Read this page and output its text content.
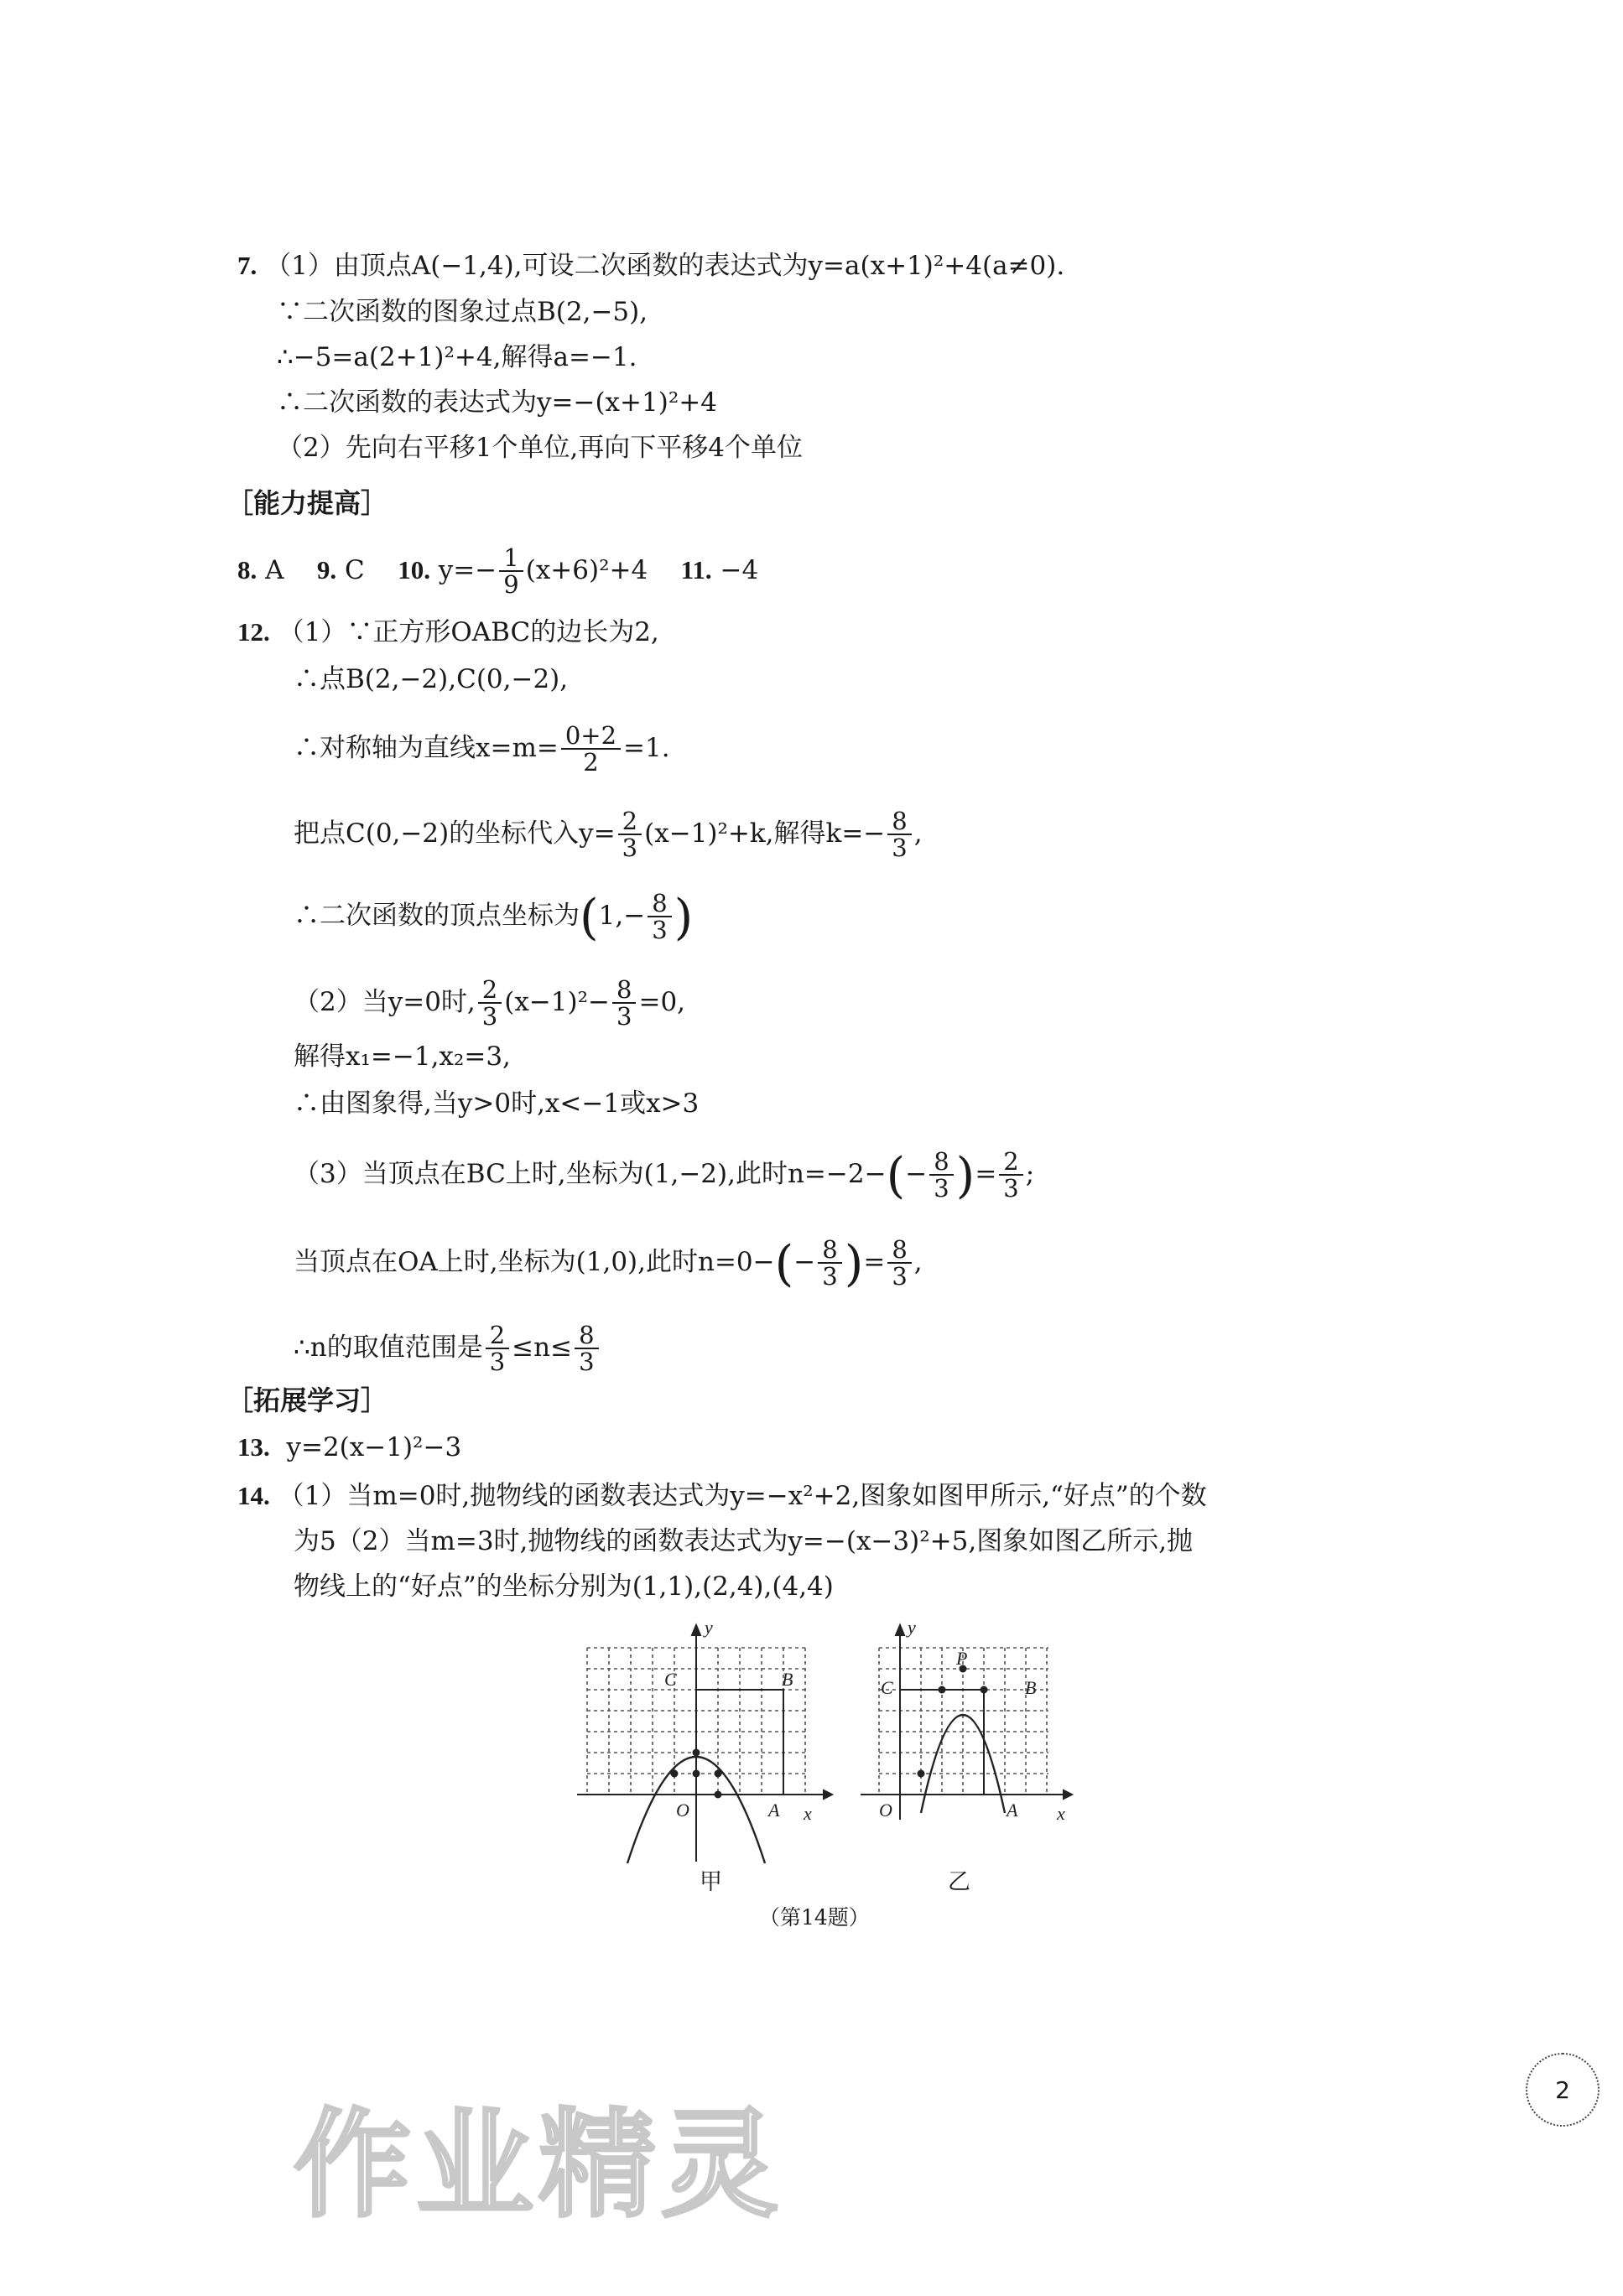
7. （1）由顶点A(−1,4),可设二次函数的表达式为y=a(x+1)²+4(a≠0).
∵二次函数的图象过点B(2,−5),
∴−5=a(2+1)²+4,解得a=−1.
∴二次函数的表达式为y=−(x+1)²+4
（2）先向右平移1个单位,再向下平移4个单位
［能力提高］
8. A 9. C 10. $y=- \frac{1}{9} (x+6)^2+4$ 11. −4
12. （1）∵正方形OABC的边长为2,
∴点B(2,−2),C(0,−2),
∴对称轴为直线$x=m= \frac{0+2}{2} =1$.
把点C(0,−2)的坐标代入$y= \frac{2}{3} (x-1)^2+k$,解得$k=- \frac{8}{3}$ ,
∴二次函数的顶点坐标为($1,- \frac{8}{3}$ )
（2）当y=0时, $\frac{2}{3} (x-1)^2- \frac{8}{3} =0$,
解得x₁=−1,x₂=3,
∴由图象得,当y>0时,x<−1或x>3
（3）当顶点在BC上时,坐标为(1,−2),此时$n=-2-(- \frac{8}{3}$ )= $\frac{2}{3}$ ;
当顶点在OA上时,坐标为(1,0),此时$n=0-(- \frac{8}{3}$ )= $\frac{8}{3}$ ,
∴n的取值范围是 $\frac{2}{3} \le n\le \frac{8}{3}$
［拓展学习］
13. y=2(x−1)²−3
14. （1）当m=0时,抛物线的函数表达式为y=−x²+2,图象如图甲所示,“好点”的个数
为5（2）当m=3时,抛物线的函数表达式为y=−(x−3)²+5,图象如图乙所示,抛
物线上的“好点”的坐标分别为(1,1),(2,4),(4,4)
y
x
O	A
B
C
y
x
O	A
B
C
P
甲	乙
（第14题）
2
作业精灵
